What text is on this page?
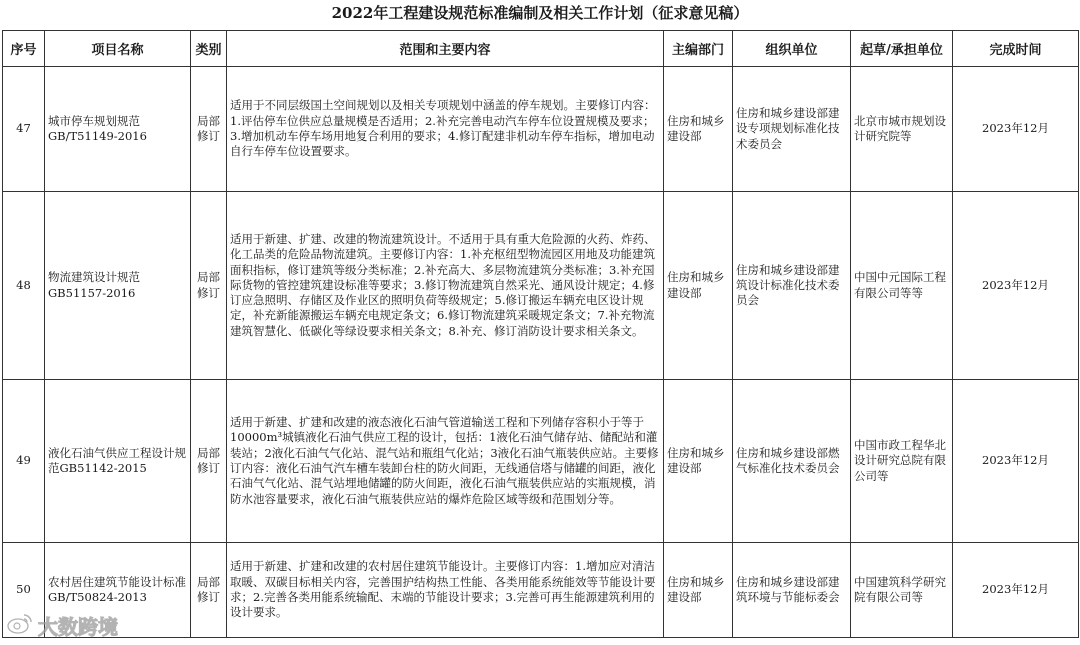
2022年工程建设规范标准编制及相关工作计划（征求意见稿）
序号	项目名称	类别	范围和主要内容	主编部门	组织单位	起草/承担单位	完成时间
47	城市停车规划规范GB/T51149-2016	局部修订	适用于不同层级国土空间规划以及相关专项规划中涵盖的停车规划。主要修订内容：1.评估停车位供应总量规模是否适用；2.补充完善电动汽车停车位设置规模及要求；3.增加机动车停车场用地复合利用的要求；4.修订配建非机动车停车指标，增加电动自行车停车位设置要求。	住房和城乡建设部	住房和城乡建设部建设专项规划标准化技术委员会	北京市城市规划设计研究院等	2023年12月
48	物流建筑设计规范GB51157-2016	局部修订	适用于新建、扩建、改建的物流建筑设计。不适用于具有重大危险源的火药、炸药、化工品类的危险品物流建筑。主要修订内容：1.补充枢纽型物流园区用地及功能建筑面积指标，修订建筑等级分类标准；2.补充高大、多层物流建筑分类标准；3.补充国际货物的管控建筑建设标准等要求；3.修订物流建筑自然采光、通风设计规定；4.修订应急照明、存储区及作业区的照明负荷等级规定；5.修订搬运车辆充电区设计规定，补充新能源搬运车辆充电规定条文；6.修订物流建筑采暖规定条文；7.补充物流建筑智慧化、低碳化等绿设要求相关条文；8.补充、修订消防设计要求相关条文。	住房和城乡建设部	住房和城乡建设部建筑设计标准化技术委员会	中国中元国际工程有限公司等等	2023年12月
49	液化石油气供应工程设计规范GB51142-2015	局部修订	适用于新建、扩建和改建的液态液化石油气管道输送工程和下列储存容积小于等于10000m³城镇液化石油气供应工程的设计，包括：1液化石油气储存站、储配站和灌装站；2液化石油气气化站、混气站和瓶组气化站；3液化石油气瓶装供应站。主要修订内容：液化石油气汽车槽车装卸台柱的防火间距，无线通信塔与储罐的间距，液化石油气气化站、混气站埋地储罐的防火间距，液化石油气瓶装供应站的实瓶规模，消防水池容量要求，液化石油气瓶装供应站的爆炸危险区域等级和范围划分等。	住房和城乡建设部	住房和城乡建设部燃气标准化技术委员会	中国市政工程华北设计研究总院有限公司等	2023年12月
50	农村居住建筑节能设计标准GB/T50824-2013	局部修订	适用于新建、扩建和改建的农村居住建筑节能设计。主要修订内容：1.增加应对清洁取暖、双碳目标相关内容，完善围护结构热工性能、各类用能系统能效等节能设计要求；2.完善各类用能系统输配、末端的节能设计要求；3.完善可再生能源建筑利用的设计要求。	住房和城乡建设部	住房和城乡建设部建筑环境与节能标委会	中国建筑科学研究院有限公司等	2023年12月
大数跨境
